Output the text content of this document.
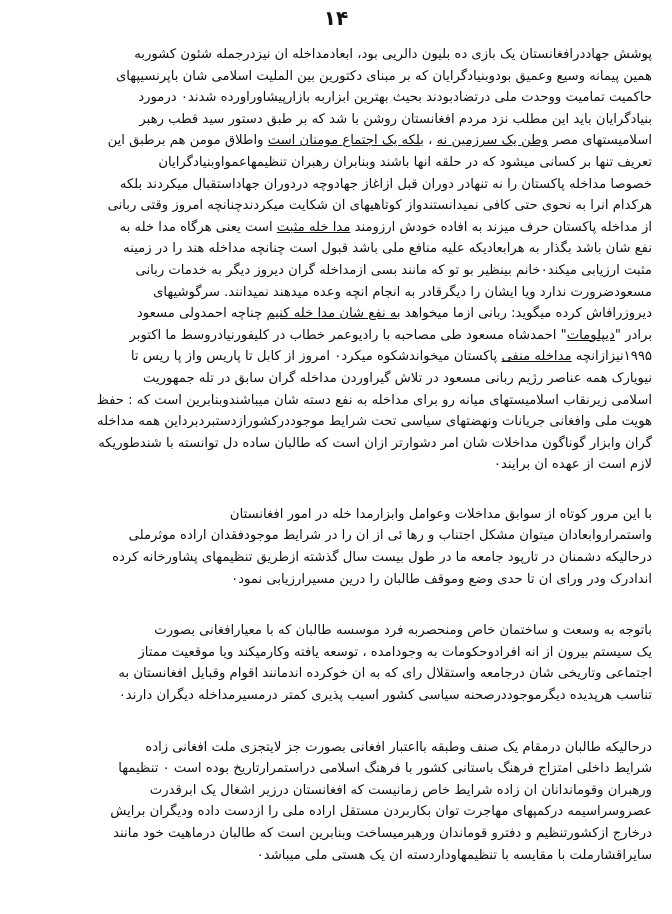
۱۴
پوشش جهاددرافغانستان یک بازی ده بلیون دالریی بود، ابعادمداخله ان نیزدرجمله شئون کشوربه
همین پیمانه وسیع وعمیق بودوبنیادگرایان که بر مبنای دکتورین بین الملیت اسلامی شان باپرنسیپهای
حاکمیت تمامیت ووحدت ملی درتضادبودند بحیث بهترین ابزاربه بازارپیشاوراورده شدند٠ درمورد
بنیادگرایان باید این مطلب نزد مردم افغانستان روشن با شد که بر طبق دستور سید قطب رهبر
اسلامیستهای مصر وطن یک سرزمین نه ، بلکه یک اجتماع مومنان است واطلاق مومن هم برطبق این
تعریف تنها بر کسانی میشود که در حلقه انها باشند وبنابران رهبران تنظیمهاعمواوبنیادگرایان
خصوصا مداخله پاکستان را نه تنهادر دوران قبل ازاغاز جهادوچه دردوران جهاداستقبال میکردند بلکه
هرکدام انرا به نحوی حتی کافی نمیدانستندواز کوتاهیهای ان شکایت میکردندچنانچه امروز وقتی ربانی
از مداخله پاکستان حرف میزند به افاده خودش ارزومند مدا خله مثبت است یعنی هرگاه مدا خله به
نفع شان باشد بگذار به هرابعادیکه علیه منافع ملی باشد قبول است چنانچه مداخله هند را در زمینه
مثبت ارزیابی میکند٠خانم بینظیر بو تو که مانند بسی ازمداخله گران دیروز دیگر به خدمات ربانی
مسعودضرورت ندارد ویا ایشان را دیگرقادر به انجام انچه وعده میدهند نمیدانند. سرگوشیهای
دیروزرافاش کرده میگوید: ربانی ازما میخواهد به نفع شان مدا خله کنیم چناچه احمدولی مسعود
برادر "دیپلومات" احمدشاه مسعود طی مصاحبه با رادیوعمر خطاب در کلیفورنیادروسط ما اکتوبر
۱۹۹۵نیزازانچه مداخله منفی پاکستان میخواندشکوه میکرد٠ امروز از کابل تا پاریس واز پا ریس تا
نیویارک همه عناصر رژیم ربانی مسعود در تلاش گیراوردن مداخله گران سابق در تله جمهوریت
اسلامی زیرنقاب اسلامیستهای میانه رو برای مداخله به نفع دسته شان میباشندوبنابرین است که : حفظ
هویت ملی وافغانی جریانات ونهضتهای سیاسی تحت شرایط موجوددرکشورازدستبردبرداین همه مداخله
گران وابزار گوناگون مداخلات شان امر دشوارتر ازان است که طالبان ساده دل توانسته با شندطوریکه
لازم است از عهده ان برایند٠
با این مرور کوتاه از سوابق مداخلات وعوامل وابزارمدا خله در امور افغانستان
واستمراروابعادان میتوان مشکل اجتناب و رها ئی از ان را در شرایط موجودفقدان اراده موثرملی
درحالیکه دشمنان در تارپود جامعه ما در طول بیست سال گذشته ازطریق تنظیمهای پشاورخانه کرده
اندادرک ودر ورای ان تا حدی وضع وموقف طالبان را درین مسیرارزیابی نمود٠
باتوجه به وسعت و ساختمان خاص ومنحصربه فرد موسسه طالبان که با معیارافغانی بصورت
یک سیستم بیرون از انه افرادوحکومات به وجودامده ، توسعه یافته وکارمیکند ویا موقعیت ممتاز
اجتماعی وتاریخی شان درجامعه واستقلال رای که به ان خوکرده اندمانند اقوام وقبایل افغانستان به
تناسب هرپدیده دیگرموجوددرصحنه سیاسی کشور اسیب پذیری کمتر درمسیرمداخله دیگران دارند٠
درحالیکه طالبان درمقام یک صنف وطبقه بااعتبار افغانی بصورت جز لایتجزی ملت افغانی زاده
شرایط داخلی امتزاج فرهنگ باستانی کشور با فرهنگ اسلامی دراستمرارتاریخ بوده است ٠ تنظیمها
ورهبران وقوماندانان ان زاده شرایط خاص زمانیست که افغانستان درزیر اشغال یک ابرقدرت
عصروسراسیمه درکمپهای مهاجرت توان بکاربردن مستقل اراده ملی را ازدست داده ودیگران برایش
درخارج ازکشورتنظیم و دفترو قوماندان ورهبرمیساخت وبنابرین است که طالبان درماهیت خود مانند
سایراقشارملت با مقایسه با تنظیمهاوداردسته ان یک هستی ملی میباشد٠
